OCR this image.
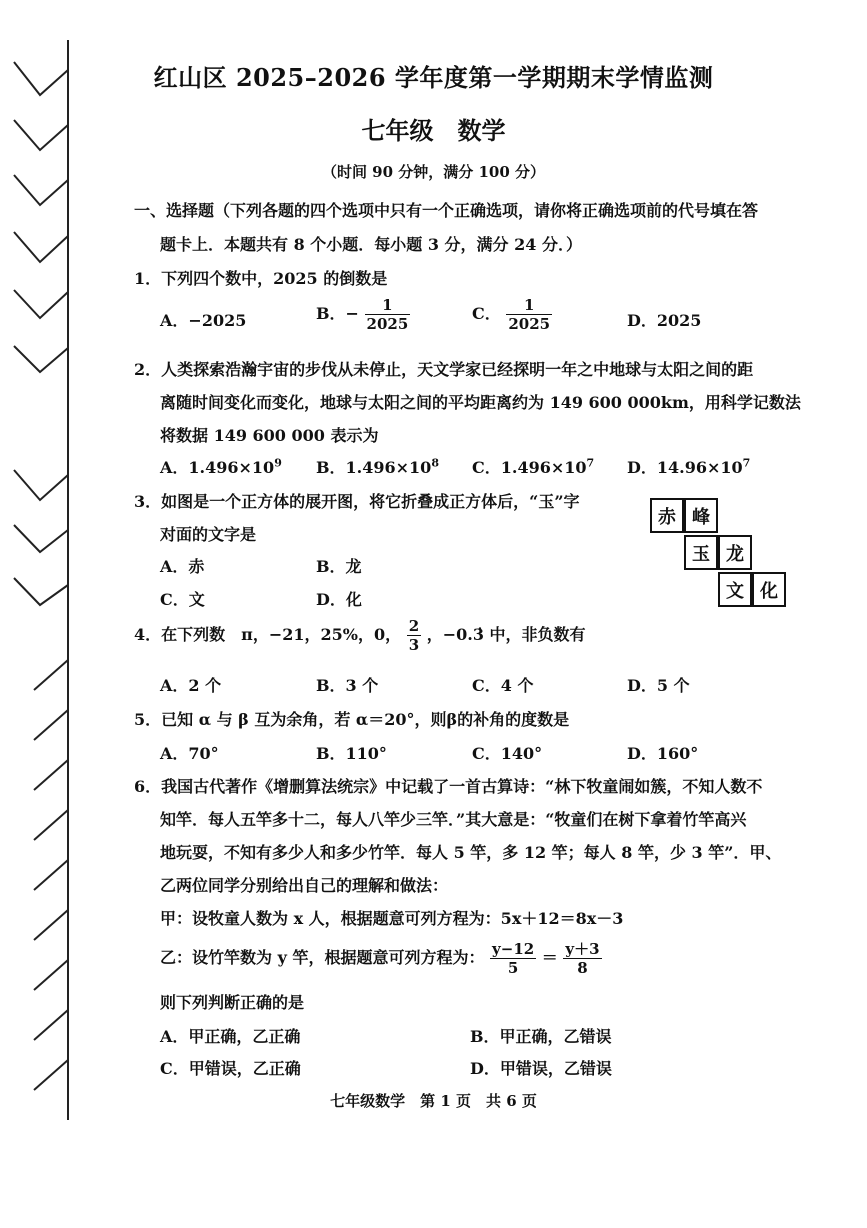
红山区 2025–2026 学年度第一学期期末学情监测
七年级　数学
（时间 90 分钟，满分 100 分）
一、选择题（下列各题的四个选项中只有一个正确选项，请你将正确选项前的代号填在答
题卡上．本题共有 8 个小题．每小题 3 分，满分 24 分．）
1．下列四个数中，2025 的倒数是
A．−2025	B．− $\frac{1}{2025}$	C． $\frac{1}{2025}$	D．2025
2．人类探索浩瀚宇宙的步伐从未停止，天文学家已经探明一年之中地球与太阳之间的距
离随时间变化而变化，地球与太阳之间的平均距离约为 149 600 000km，用科学记数法
将数据 149 600 000 表示为
A．$1.496\times 10^9$ B．$1.496\times 10^8$ C．$1.496\times 10^7$ D．$14.96\times 10^7$
3．如图是一个正方体的展开图，将它折叠成正方体后，“玉”字
对面的文字是
A．赤	B．龙
C．文	D．化
赤 峰
玉 龙
文 化
4．在下列数　π，−21，25%，0， $\frac{2}{3}$ ，−0.3̇ 中，非负数有
A．2 个	B．3 个	C．4 个	D．5 个
5．已知 α 与 β 互为余角，若 α＝20°，则β的补角的度数是
A．70°	B．110°	C．140°	D．160°
6．我国古代著作《增删算法统宗》中记载了一首古算诗：“林下牧童闹如簇，不知人数不
知竿．每人五竿多十二，每人八竿少三竿．”其大意是：“牧童们在树下拿着竹竿高兴
地玩耍，不知有多少人和多少竹竿．每人 5 竿，多 12 竿；每人 8 竿，少 3 竿”．甲、
乙两位同学分别给出自己的理解和做法：
甲：设牧童人数为 x 人，根据题意可列方程为：5x＋12＝8x－3
乙：设竹竿数为 y 竿，根据题意可列方程为： $\frac{y-12}{5} = \frac{y+3}{8}$
则下列判断正确的是
A．甲正确，乙正确	B．甲正确，乙错误
C．甲错误，乙正确	D．甲错误，乙错误
七年级数学　第 1 页　共 6 页
